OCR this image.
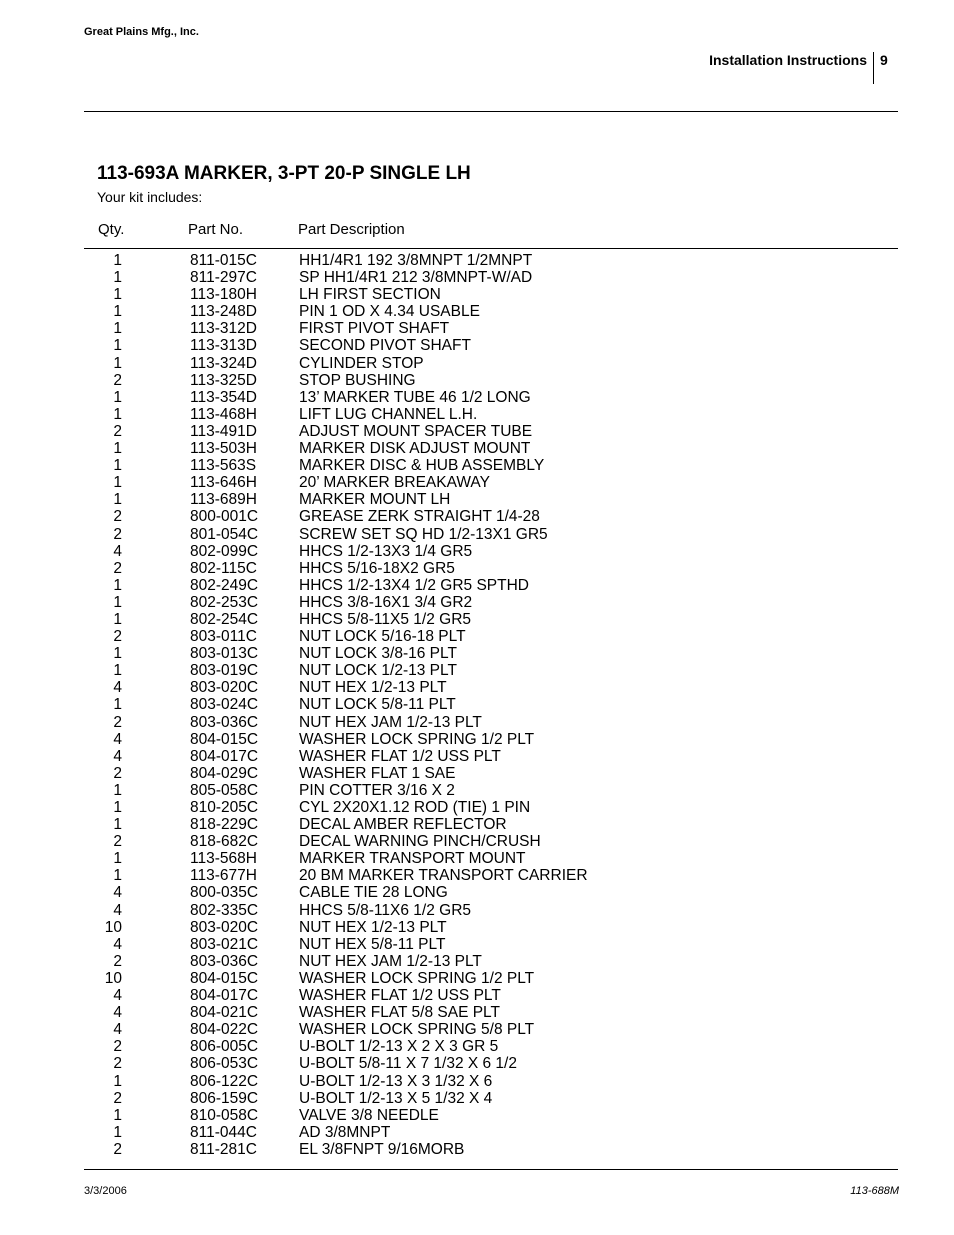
Great Plains Mfg., Inc.
Installation Instructions 9
113-693A MARKER, 3-PT 20-P SINGLE LH
Your kit includes:
Qty.	Part No.	Part Description
1	811-015C	HH1/4R1 192 3/8MNPT 1/2MNPT
1	811-297C	SP HH1/4R1 212 3/8MNPT-W/AD
1	113-180H	LH FIRST SECTION
1	113-248D	PIN 1 OD X 4.34 USABLE
1	113-312D	FIRST PIVOT SHAFT
1	113-313D	SECOND PIVOT SHAFT
1	113-324D	CYLINDER STOP
2	113-325D	STOP BUSHING
1	113-354D	13’ MARKER TUBE 46 1/2 LONG
1	113-468H	LIFT LUG CHANNEL L.H.
2	113-491D	ADJUST MOUNT SPACER TUBE
1	113-503H	MARKER DISK ADJUST MOUNT
1	113-563S	MARKER DISC & HUB ASSEMBLY
1	113-646H	20’ MARKER BREAKAWAY
1	113-689H	MARKER MOUNT LH
2	800-001C	GREASE ZERK STRAIGHT 1/4-28
2	801-054C	SCREW SET SQ HD 1/2-13X1 GR5
4	802-099C	HHCS 1/2-13X3 1/4 GR5
2	802-115C	HHCS 5/16-18X2 GR5
1	802-249C	HHCS 1/2-13X4 1/2 GR5 SPTHD
1	802-253C	HHCS 3/8-16X1 3/4 GR2
1	802-254C	HHCS 5/8-11X5 1/2 GR5
2	803-011C	NUT LOCK 5/16-18 PLT
1	803-013C	NUT LOCK 3/8-16 PLT
1	803-019C	NUT LOCK 1/2-13 PLT
4	803-020C	NUT HEX 1/2-13 PLT
1	803-024C	NUT LOCK 5/8-11 PLT
2	803-036C	NUT HEX JAM 1/2-13 PLT
4	804-015C	WASHER LOCK SPRING 1/2 PLT
4	804-017C	WASHER FLAT 1/2 USS PLT
2	804-029C	WASHER FLAT 1 SAE
1	805-058C	PIN COTTER 3/16 X 2
1	810-205C	CYL 2X20X1.12 ROD (TIE) 1 PIN
1	818-229C	DECAL AMBER REFLECTOR
2	818-682C	DECAL WARNING PINCH/CRUSH
1	113-568H	MARKER TRANSPORT MOUNT
1	113-677H	20 BM MARKER TRANSPORT CARRIER
4	800-035C	CABLE TIE 28 LONG
4	802-335C	HHCS 5/8-11X6 1/2 GR5
10	803-020C	NUT HEX 1/2-13 PLT
4	803-021C	NUT HEX 5/8-11 PLT
2	803-036C	NUT HEX JAM 1/2-13 PLT
10	804-015C	WASHER LOCK SPRING 1/2 PLT
4	804-017C	WASHER FLAT 1/2 USS PLT
4	804-021C	WASHER FLAT 5/8 SAE PLT
4	804-022C	WASHER LOCK SPRING 5/8 PLT
2	806-005C	U-BOLT 1/2-13 X 2 X 3 GR 5
2	806-053C	U-BOLT 5/8-11 X 7 1/32 X 6 1/2
1	806-122C	U-BOLT 1/2-13 X 3 1/32 X 6
2	806-159C	U-BOLT 1/2-13 X 5 1/32 X 4
1	810-058C	VALVE 3/8 NEEDLE
1	811-044C	AD 3/8MNPT
2	811-281C	EL 3/8FNPT 9/16MORB
3/3/2006	113-688M
